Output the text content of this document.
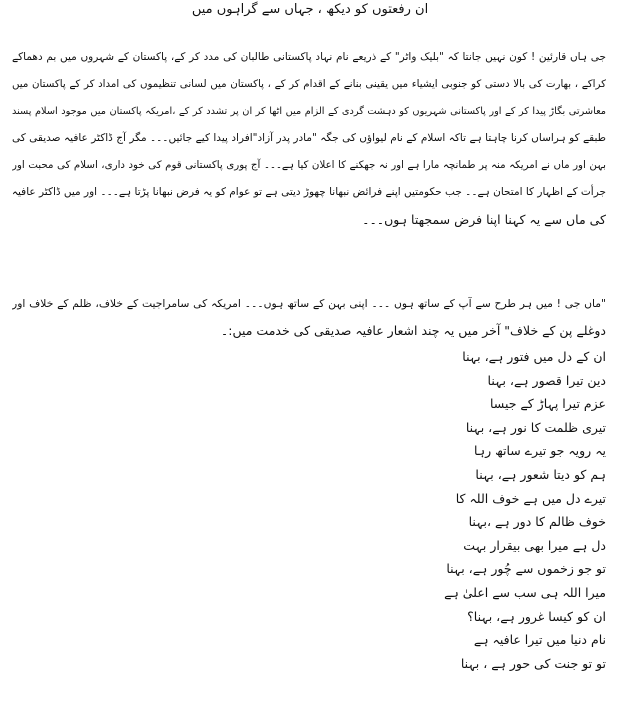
ان رفعتوں کو دیکھ ، جہاں سے گراہوں میں
جی ہاں قارئین ! کون نہیں جانتا کہ "بلیک واٹر" کے ذریعے نام نہاد پاکستانی طالبان کی مدد کر کے، پاکستان کے شہروں میں بم دھماکے
کراکے ، بھارت کی بالا دستی کو جنوبی ایشیاء میں یقینی بنانے کے اقدام کر کے ، پاکستان میں لسانی تنظیموں کی امداد کر کے پاکستان میں
معاشرتی بگاڑ پیدا کر کے اور پاکستانی شہریوں کو دہشت گردی کے الزام میں اٹھا کر ان پر تشدد کر کے ،امریکہ پاکستان میں موجود اسلام پسند
طبقے کو ہراساں کرنا چاہتا ہے تاکہ اسلام کے نام لیواؤں کی جگہ "مادر پدر آزاد"افراد پیدا کیے جائیں۔۔۔ مگر آج ڈاکٹر عافیہ صدیقی کی
بہن اور ماں نے امریکہ منہ پر طمانچہ مارا ہے اور نہ جھکنے کا اعلان کیا ہے۔۔۔ آج پوری پاکستانی قوم کی خود داری، اسلام کی محبت اور
جرأت کے اظہار کا امتحان ہے۔۔ جب حکومتیں اپنے فرائض نبھانا چھوڑ دیتی ہے تو عوام کو یہ فرض نبھانا پڑتا ہے۔۔۔ اور میں ڈاکٹر عافیہ
کی ماں سے یہ کہنا اپنا فرض سمجھتا ہوں۔۔۔
"ماں جی ! میں ہر طرح سے آپ کے ساتھ ہوں ۔۔۔ اپنی بہن کے ساتھ ہوں۔۔۔ امریکہ کی سامراجیت کے خلاف، ظلم کے خلاف اور
دوغلے پن کے خلاف" آخر میں یہ چند اشعار عافیہ صدیقی کی خدمت میں:۔
ان کے دل میں فتور ہے، بہنا
دین تیرا قصور ہے، بہنا
عزم تیرا پہاڑ کے جیسا
تیری ظلمت کا نور ہے، بہنا
یہ رویہ جو تیرے ساتھ رہا
ہم کو دیتا شعور ہے، بہنا
تیرے دل میں ہے خوف اللہ کا
خوف ظالم کا دور ہے ،بہنا
دل ہے میرا بھی بیقرار بہت
تو جو زخموں سے چُور ہے، بہنا
میرا اللہ ہی سب سے اعلیٰ ہے
ان کو کیسا غرور ہے، بہنا؟
نام دنیا میں تیرا عافیہ ہے
تو تو جنت کی حور ہے ، بہنا
